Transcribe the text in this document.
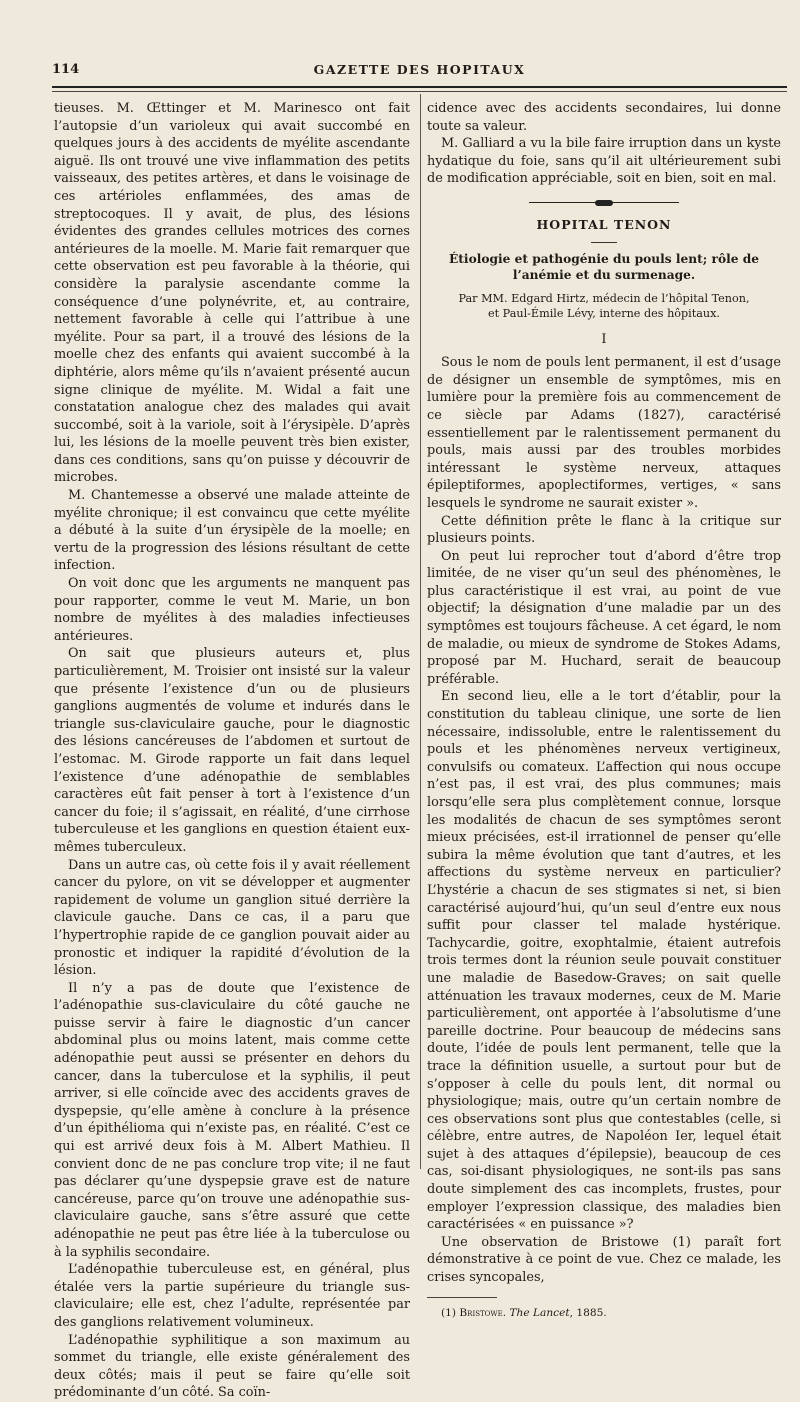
114	GAZETTE DES HOPITAUX

tieuses. M. Œttinger et M. Marinesco ont fait l’autopsie d’un varioleux qui avait succombé en quelques jours à des accidents de myélite ascendante aiguë. Ils ont trouvé une vive inflammation des petits vaisseaux, des petites artères, et dans le voisinage de ces artérioles enflammées, des amas de streptocoques. Il y avait, de plus, des lésions évidentes des grandes cellules motrices des cornes antérieures de la moelle. M. Marie fait remarquer que cette observation est peu favorable à la théorie, qui considère la paralysie ascendante comme la conséquence d’une polynévrite, et, au contraire, nettement favorable à celle qui l’attribue à une myélite. Pour sa part, il a trouvé des lésions de la moelle chez des enfants qui avaient succombé à la diphtérie, alors même qu’ils n’avaient présenté aucun signe clinique de myélite. M. Widal a fait une constatation analogue chez des malades qui avait succombé, soit à la variole, soit à l’érysipèle. D’après lui, les lésions de la moelle peuvent très bien exister, dans ces conditions, sans qu’on puisse y découvrir de microbes.

M. Chantemesse a observé une malade atteinte de myélite chronique; il est convaincu que cette myélite a débuté à la suite d’un érysipèle de la moelle; en vertu de la progression des lésions résultant de cette infection.

On voit donc que les arguments ne manquent pas pour rapporter, comme le veut M. Marie, un bon nombre de myélites à des maladies infectieuses antérieures.

On sait que plusieurs auteurs et, plus particulièrement, M. Troisier ont insisté sur la valeur que présente l’existence d’un ou de plusieurs ganglions augmentés de volume et indurés dans le triangle sus-claviculaire gauche, pour le diagnostic des lésions cancéreuses de l’abdomen et surtout de l’estomac. M. Girode rapporte un fait dans lequel l’existence d’une adénopathie de semblables caractères eût fait penser à tort à l’existence d’un cancer du foie; il s’agissait, en réalité, d’une cirrhose tuberculeuse et les ganglions en question étaient eux-mêmes tuberculeux.

Dans un autre cas, où cette fois il y avait réellement cancer du pylore, on vit se développer et augmenter rapidement de volume un ganglion situé derrière la clavicule gauche. Dans ce cas, il a paru que l’hypertrophie rapide de ce ganglion pouvait aider au pronostic et indiquer la rapidité d’évolution de la lésion.

Il n’y a pas de doute que l’existence de l’adénopathie sus-claviculaire du côté gauche ne puisse servir à faire le diagnostic d’un cancer abdominal plus ou moins latent, mais comme cette adénopathie peut aussi se présenter en dehors du cancer, dans la tuberculose et la syphilis, il peut arriver, si elle coïncide avec des accidents graves de dyspepsie, qu’elle amène à conclure à la présence d’un épithélioma qui n’existe pas, en réalité. C’est ce qui est arrivé deux fois à M. Albert Mathieu. Il convient donc de ne pas conclure trop vite; il ne faut pas déclarer qu’une dyspepsie grave est de nature cancéreuse, parce qu’on trouve une adénopathie sus-claviculaire gauche, sans s’être assuré que cette adénopathie ne peut pas être liée à la tuberculose ou à la syphilis secondaire.

L’adénopathie tuberculeuse est, en général, plus étalée vers la partie supérieure du triangle sus-claviculaire; elle est, chez l’adulte, représentée par des ganglions relativement volumineux.

L’adénopathie syphilitique a son maximum au sommet du triangle, elle existe généralement des deux côtés; mais il peut se faire qu’elle soit prédominante d’un côté. Sa coïn-

cidence avec des accidents secondaires, lui donne toute sa valeur.

M. Galliard a vu la bile faire irruption dans un kyste hydatique du foie, sans qu’il ait ultérieurement subi de modification appréciable, soit en bien, soit en mal.

HOPITAL TENON
Étiologie et pathogénie du pouls lent; rôle de l’anémie et du surmenage.
Par MM. Edgard Hirtz, médecin de l’hôpital Tenon,
et Paul-Émile Lévy, interne des hôpitaux.
I

Sous le nom de pouls lent permanent, il est d’usage de désigner un ensemble de symptômes, mis en lumière pour la première fois au commencement de ce siècle par Adams (1827), caractérisé essentiellement par le ralentissement permanent du pouls, mais aussi par des troubles morbides intéressant le système nerveux, attaques épileptiformes, apoplectiformes, vertiges, « sans lesquels le syndrome ne saurait exister ».

Cette définition prête le flanc à la critique sur plusieurs points.

On peut lui reprocher tout d’abord d’être trop limitée, de ne viser qu’un seul des phénomènes, le plus caractéristique il est vrai, au point de vue objectif; la désignation d’une maladie par un des symptômes est toujours fâcheuse. A cet égard, le nom de maladie, ou mieux de syndrome de Stokes Adams, proposé par M. Huchard, serait de beaucoup préférable.

En second lieu, elle a le tort d’établir, pour la constitution du tableau clinique, une sorte de lien nécessaire, indissoluble, entre le ralentissement du pouls et les phénomènes nerveux vertigineux, convulsifs ou comateux. L’affection qui nous occupe n’est pas, il est vrai, des plus communes; mais lorsqu’elle sera plus complètement connue, lorsque les modalités de chacun de ses symptômes seront mieux précisées, est-il irrationnel de penser qu’elle subira la même évolution que tant d’autres, et les affections du système nerveux en particulier? L’hystérie a chacun de ses stigmates si net, si bien caractérisé aujourd’hui, qu’un seul d’entre eux nous suffit pour classer tel malade hystérique. Tachycardie, goitre, exophtalmie, étaient autrefois trois termes dont la réunion seule pouvait constituer une maladie de Basedow-Graves; on sait quelle atténuation les travaux modernes, ceux de M. Marie particulièrement, ont apportée à l’absolutisme d’une pareille doctrine. Pour beaucoup de médecins sans doute, l’idée de pouls lent permanent, telle que la trace la définition usuelle, a surtout pour but de s’opposer à celle du pouls lent, dit normal ou physiologique; mais, outre qu’un certain nombre de ces observations sont plus que contestables (celle, si célèbre, entre autres, de Napoléon Ier, lequel était sujet à des attaques d’épilepsie), beaucoup de ces cas, soi-disant physiologiques, ne sont-ils pas sans doute simplement des cas incomplets, frustes, pour employer l’expression classique, des maladies bien caractérisées « en puissance »?

Une observation de Bristowe (1) paraît fort démonstrative à ce point de vue. Chez ce malade, les crises syncopales,

(1) Bristowe. The Lancet, 1885.
